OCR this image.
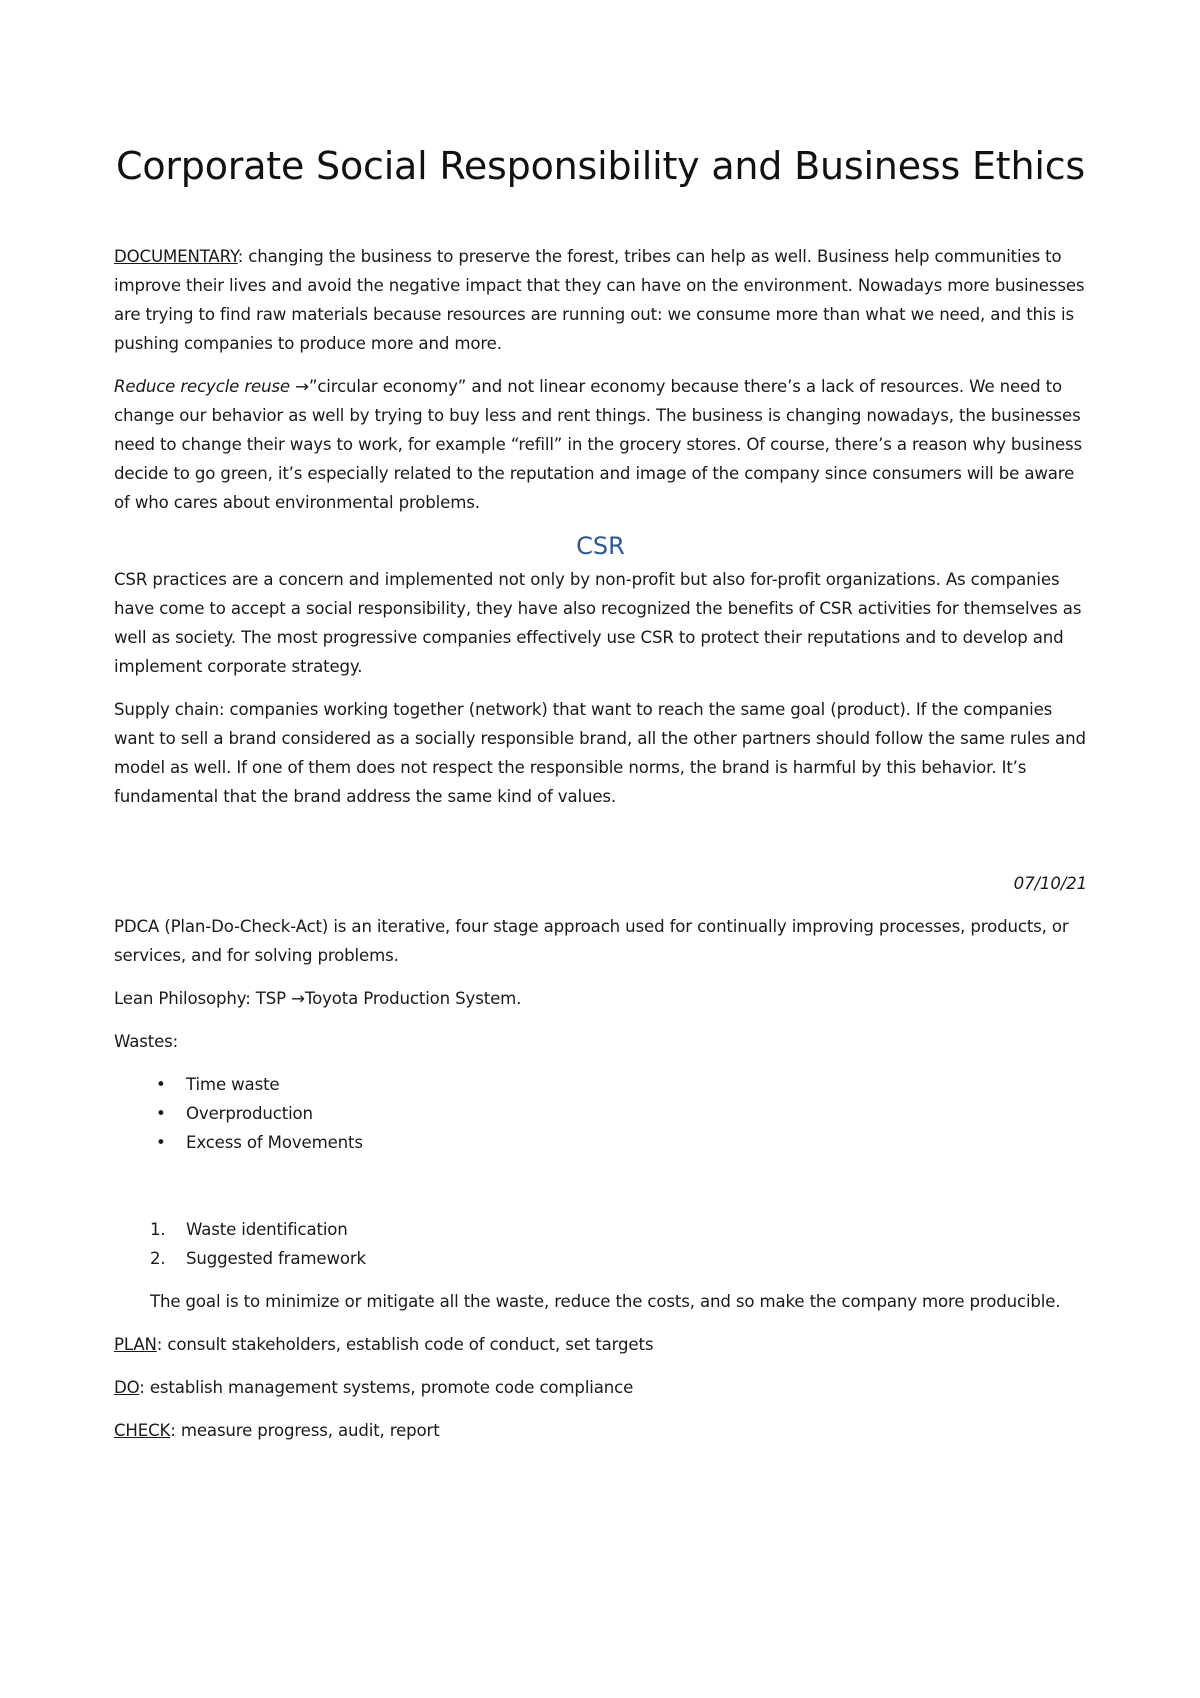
Corporate Social Responsibility and Business Ethics

DOCUMENTARY: changing the business to preserve the forest, tribes can help as well. Business help communities to improve their lives and avoid the negative impact that they can have on the environment. Nowadays more businesses are trying to find raw materials because resources are running out: we consume more than what we need, and this is pushing companies to produce more and more.

Reduce recycle reuse →”circular economy” and not linear economy because there’s a lack of resources. We need to change our behavior as well by trying to buy less and rent things. The business is changing nowadays, the businesses need to change their ways to work, for example “refill” in the grocery stores. Of course, there’s a reason why business decide to go green, it’s especially related to the reputation and image of the company since consumers will be aware of who cares about environmental problems.

CSR

CSR practices are a concern and implemented not only by non-profit but also for-profit organizations. As companies have come to accept a social responsibility, they have also recognized the benefits of CSR activities for themselves as well as society. The most progressive companies effectively use CSR to protect their reputations and to develop and implement corporate strategy.

Supply chain: companies working together (network) that want to reach the same goal (product). If the companies want to sell a brand considered as a socially responsible brand, all the other partners should follow the same rules and model as well. If one of them does not respect the responsible norms, the brand is harmful by this behavior. It’s fundamental that the brand address the same kind of values.

07/10/21

PDCA (Plan-Do-Check-Act) is an iterative, four stage approach used for continually improving processes, products, or services, and for solving problems.

Lean Philosophy: TSP →Toyota Production System.

Wastes:

• Time waste
• Overproduction
• Excess of Movements
1. Waste identification
2. Suggested framework

The goal is to minimize or mitigate all the waste, reduce the costs, and so make the company more producible.

PLAN: consult stakeholders, establish code of conduct, set targets

DO: establish management systems, promote code compliance

CHECK: measure progress, audit, report
